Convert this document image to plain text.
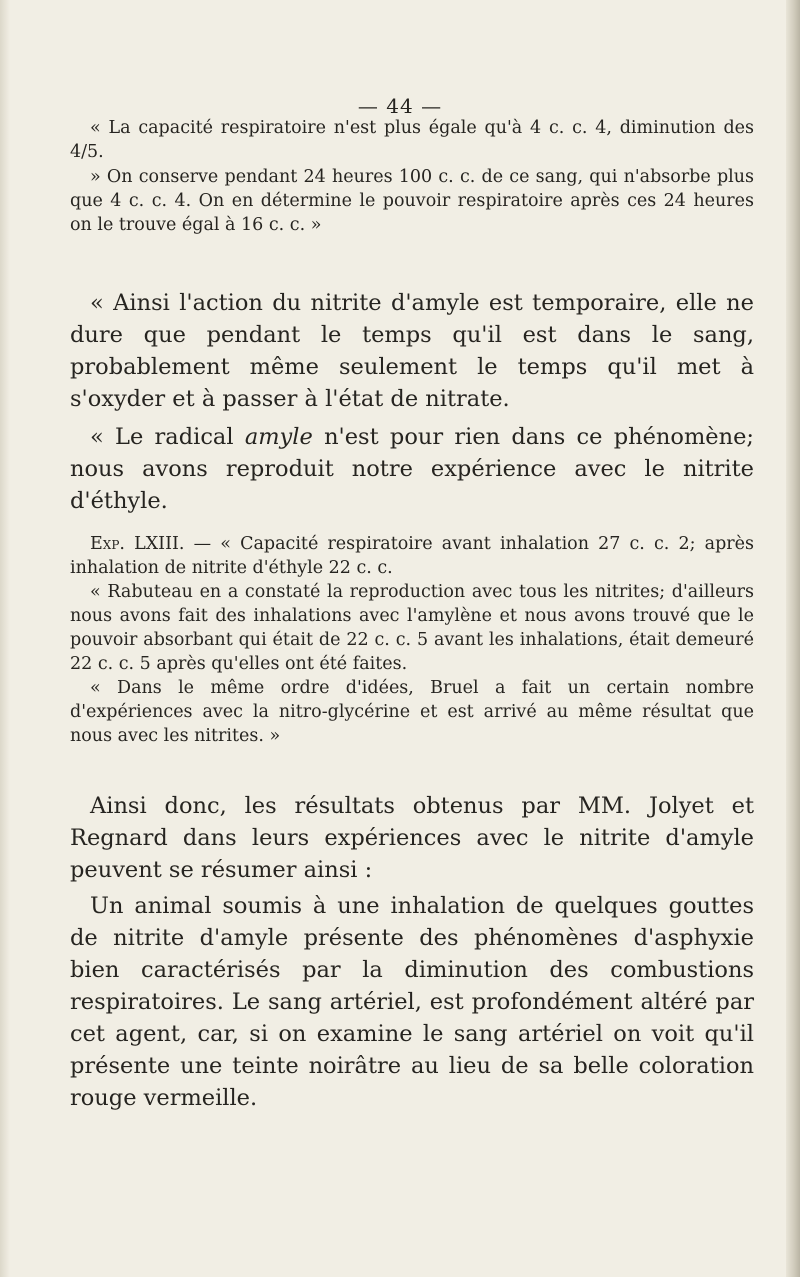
— 44 —

« La capacité respiratoire n'est plus égale qu'à 4 c. c. 4, diminution des 4/5.

» On conserve pendant 24 heures 100 c. c. de ce sang, qui n'absorbe plus que 4 c. c. 4. On en détermine le pouvoir respiratoire après ces 24 heures on le trouve égal à 16 c. c. »

« Ainsi l'action du nitrite d'amyle est temporaire, elle ne dure que pendant le temps qu'il est dans le sang, probablement même seulement le temps qu'il met à s'oxyder et à passer à l'état de nitrate.

« Le radical amyle n'est pour rien dans ce phénomène; nous avons reproduit notre expérience avec le nitrite d'éthyle.

Exp. LXIII. — « Capacité respiratoire avant inhalation 27 c. c. 2; après inhalation de nitrite d'éthyle 22 c. c.

« Rabuteau en a constaté la reproduction avec tous les nitrites; d'ailleurs nous avons fait des inhalations avec l'amylène et nous avons trouvé que le pouvoir absorbant qui était de 22 c. c. 5 avant les inhalations, était demeuré 22 c. c. 5 après qu'elles ont été faites.

« Dans le même ordre d'idées, Bruel a fait un certain nombre d'expériences avec la nitro-glycérine et est arrivé au même résultat que nous avec les nitrites. »

Ainsi donc, les résultats obtenus par MM. Jolyet et Regnard dans leurs expériences avec le nitrite d'amyle peuvent se résumer ainsi :

Un animal soumis à une inhalation de quelques gouttes de nitrite d'amyle présente des phénomènes d'asphyxie bien caractérisés par la diminution des combustions respiratoires. Le sang artériel, est profondément altéré par cet agent, car, si on examine le sang artériel on voit qu'il présente une teinte noirâtre au lieu de sa belle coloration rouge vermeille.
